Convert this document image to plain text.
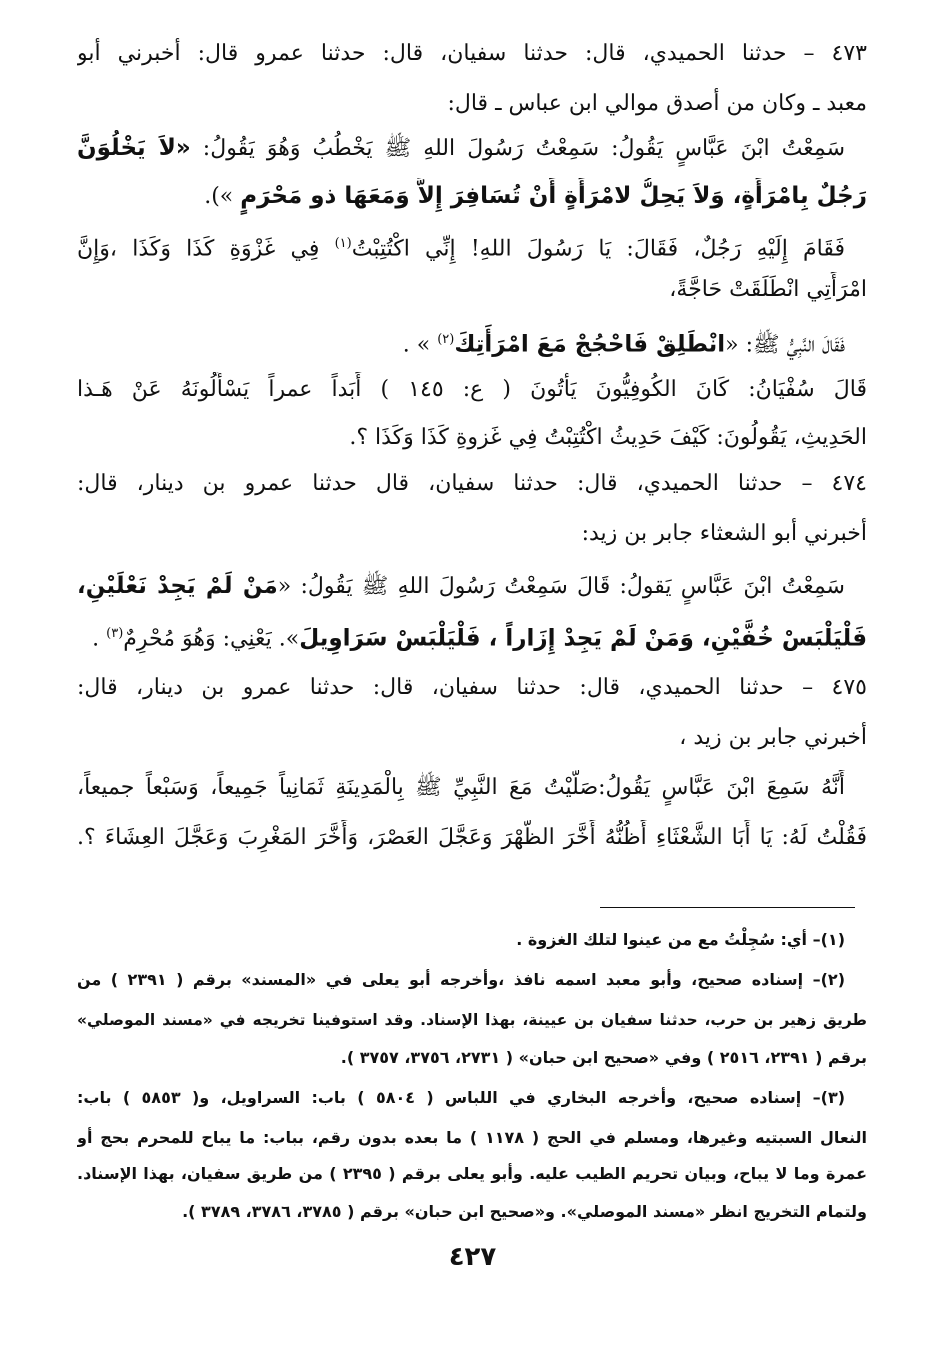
٤٧٣ – حدثنا الحميدي، قال: حدثنا سفيان، قال: حدثنا عمرو قال: أخبرني أبو
معبد ـ وكان من أصدق موالي ابن عباس ـ قال:
سَمِعْتُ ابْنَ عَبَّاسٍ يَقُولُ: سَمِعْتُ رَسُولَ اللهِ ﷺ يَخْطُبُ وَهُوَ يَقُولُ: «لاَ يَخْلُوَنَّ
رَجُلٌ بِامْرَأَةٍ، وَلاَ يَحِلُّ لامْرَأَةٍ أَنْ تُسَافِرَ إِلاَّ وَمَعَهَا ذو مَحْرَمٍ »).
فَقَامَ إِلَيْهِ رَجُلٌ، فَقَالَ: يَا رَسُولَ اللهِ! إِنِّي اكْتُتِبْتُ$^{(١)}$ فِي غَزْوَةِ كَذَا وَكَذَا ،وَإِنَّ
امْرَأَتِي انْطَلَقَتْ حَاجَّةً،
فَقَالَ النَّبِيُّ ﷺ: «انْطَلِقْ فَاحْجُجْ مَعَ امْرَأَتِكَ$^{(٢)}$ » .
قَالَ سُفْيَانُ: كَانَ الكُوفِيُّونَ يَأْتُونَ ( ع: ١٤٥ ) أَبَداً عمراً يَسْأَلُونَهُ عَنْ هَـذا
الحَدِيثِ، يَقُولُونَ: كَيْفَ حَدِيثُ اكْتُتِبْتُ فِي غَزوةِ كَذَا وَكَذَا ؟.
٤٧٤ – حدثنا الحميدي، قال: حدثنا سفيان، قال حدثنا عمرو بن دينار، قال:
أخبرني أبو الشعثاء جابر بن زيد:
سَمِعْتُ ابْنَ عَبَّاسٍ يَقولُ: قَالَ سَمِعْتُ رَسُولَ اللهِ ﷺ يَقُولُ: «مَنْ لَمْ يَجِدْ نَعْلَيْنِ،
فَلْيَلْبَسْ خُفَّيْنِ، وَمَنْ لَمْ يَجِدْ إِزَاراً ، فَلْيَلْبَسْ سَرَاوِيلَ». يَعْنِي: وَهُوَ مُحْرِمٌ$^{(٣)}$ .
٤٧٥ – حدثنا الحميدي، قال: حدثنا سفيان، قال: حدثنا عمرو بن دينار، قال:
أخبرني جابر بن زيد ،
أَنَّهُ سَمِعَ ابْنَ عَبَّاسٍ يَقُولُ:صَلَّيْتُ مَعَ النَّبِيِّ ﷺ بِالْمَدِينَةِ ثَمَانِياً جَمِيعاً، وَسَبْعاً جميعاً،
فَقُلْتُ لَهُ: يَا أَبَا الشَّعْثَاءِ أَظُنُّهُ أَخَّرَ الظُّهْرَ وَعَجَّلَ العَصْرَ، وَأَخَّرَ المَغْرِبَ وَعَجَّلَ العِشَاءَ ؟.
(١)– أي: سُجِلْتُ مع من عينوا لتلك الغزوة .
(٢)– إسناده صحيح، وأبو معبد اسمه نافذ ،وأخرجه أبو يعلى في «المسند» برقم ( ٢٣٩١ ) من
طريق زهير بن حرب، حدثنا سفيان بن عيينة، بهذا الإسناد. وقد استوفينا تخريجه في «مسند الموصلي»
برقم ( ٢٣٩١، ٢٥١٦ ) وفي «صحيح ابن حبان» ( ٢٧٣١، ٣٧٥٦، ٣٧٥٧ ).
(٣)– إسناده صحيح، وأخرجه البخاري في اللباس ( ٥٨٠٤ ) باب: السراويل، و( ٥٨٥٣ ) باب:
النعال السبتيه وغيرها، ومسلم في الحج ( ١١٧٨ ) ما بعده بدون رقم، بباب: ما يباح للمحرم بحج أو
عمرة وما لا يباح، وبيان تحريم الطيب عليه. وأبو يعلى برقم ( ٢٣٩٥ ) من طريق سفيان، بهذا الإسناد.
ولتمام التخريج انظر «مسند الموصلي». و«صحيح ابن حبان» برقم ( ٣٧٨٥، ٣٧٨٦، ٣٧٨٩ ).
٤٢٧
